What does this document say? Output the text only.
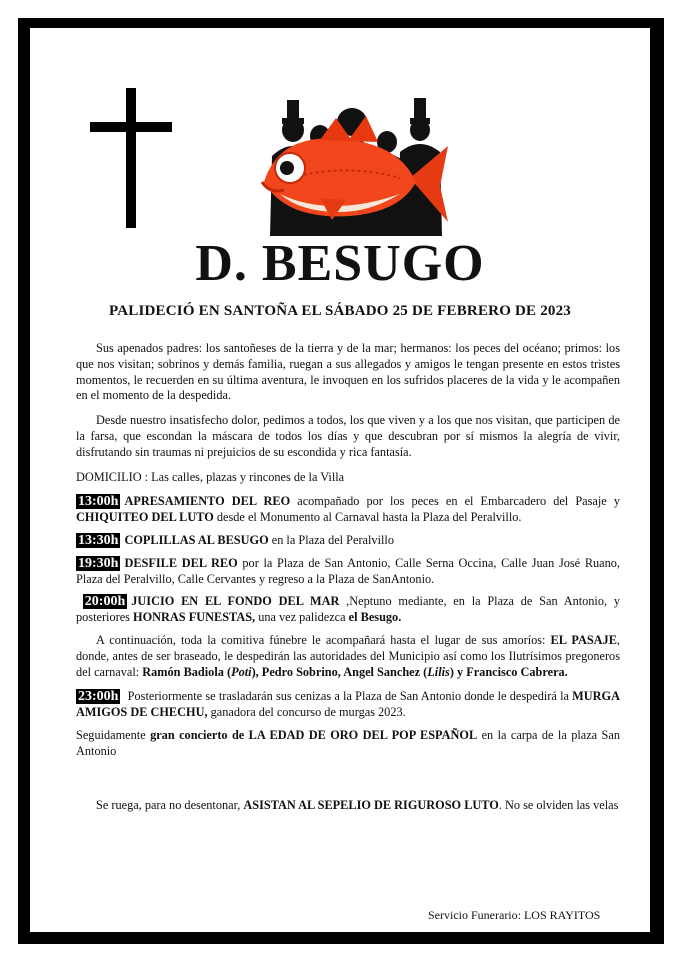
D. BESUGO
PALIDECIÓ EN SANTOÑA EL SÁBADO 25 DE FEBRERO DE 2023

Sus apenados padres: los santoñeses de la tierra y de la mar; hermanos: los peces del océano; primos: los que nos visitan; sobrinos y demás familia, ruegan a sus allegados y amigos le tengan presente en estos tristes momentos, le recuerden en su última aventura, le invoquen en los sufridos placeres de la vida y le acompañen en el momento de la despedida.

Desde nuestro insatisfecho dolor, pedimos a todos, los que viven y a los que nos visitan, que participen de la farsa, que escondan la máscara de todos los días y que descubran por sí mismos la alegría de vivir, disfrutando sin traumas ni prejuicios de su escondida y rica fantasía.

DOMICILIO : Las calles, plazas y rincones de la Villa

13:00h APRESAMIENTO DEL REO acompañado por los peces en el Embarcadero del Pasaje y CHIQUITEO DEL LUTO desde el Monumento al Carnaval hasta la Plaza del Peralvillo.

13:30h COPLILLAS AL BESUGO en la Plaza del Peralvillo

19:30h DESFILE DEL REO por la Plaza de San Antonio, Calle Serna Occina, Calle Juan José Ruano, Plaza del Peralvillo, Calle Cervantes y regreso a la Plaza de SanAntonio.

20:00h JUICIO EN EL FONDO DEL MAR ,Neptuno mediante, en la Plaza de San Antonio, y posteriores HONRAS FUNESTAS, una vez palidezca el Besugo.

A continuación, toda la comitiva fúnebre le acompañará hasta el lugar de sus amoríos: EL PASAJE, donde, antes de ser braseado, le despedirán las autoridades del Municipio así como los Ilutrísimos pregoneros del carnaval: Ramón Badiola (Poti), Pedro Sobrino, Angel Sanchez (Lilis) y Francisco Cabrera.

23:00h Posteriormente se trasladarán sus cenizas a la Plaza de San Antonio donde le despedirá la MURGA AMIGOS DE CHECHU, ganadora del concurso de murgas 2023.

Seguidamente gran concierto de LA EDAD DE ORO DEL POP ESPAÑOL en la carpa de la plaza San Antonio

Se ruega, para no desentonar, ASISTAN AL SEPELIO DE RIGUROSO LUTO. No se olviden las velas

Servicio Funerario: LOS RAYITOS
